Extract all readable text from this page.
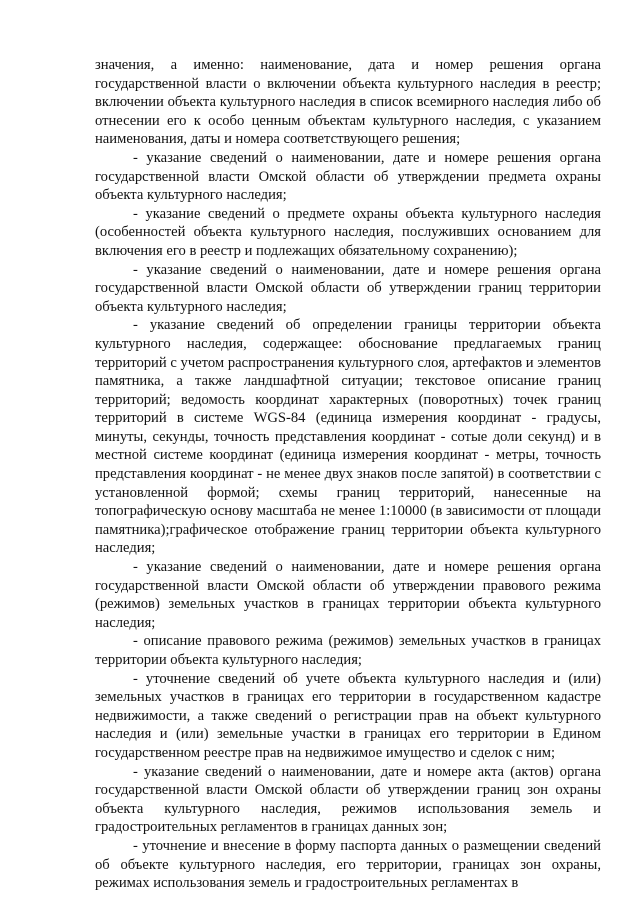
значения, а именно: наименование, дата и номер решения органа государственной власти о включении объекта культурного наследия в реестр; включении объекта культурного наследия в список всемирного наследия либо об отнесении его к особо ценным объектам культурного наследия, с указанием наименования, даты и номера соответствующего решения;

- указание сведений о наименовании, дате и номере решения органа государственной власти Омской области об утверждении предмета охраны объекта культурного наследия;

- указание сведений о предмете охраны объекта культурного наследия (особенностей объекта культурного наследия, послуживших основанием для включения его в реестр и подлежащих обязательному сохранению);

- указание сведений о наименовании, дате и номере решения органа государственной власти Омской области об утверждении границ территории объекта культурного наследия;

- указание сведений об определении границы территории объекта культурного наследия, содержащее: обоснование предлагаемых границ территорий с учетом распространения культурного слоя, артефактов и элементов памятника, а также ландшафтной ситуации; текстовое описание границ территорий; ведомость координат характерных (поворотных) точек границ территорий в системе WGS-84 (единица измерения координат - градусы, минуты, секунды, точность представления координат - сотые доли секунд) и в местной системе координат (единица измерения координат - метры, точность представления координат - не менее двух знаков после запятой) в соответствии с установленной формой; схемы границ территорий, нанесенные на топографическую основу масштаба не менее 1:10000 (в зависимости от площади памятника);графическое отображение границ территории объекта культурного наследия;

- указание сведений о наименовании, дате и номере решения органа государственной власти Омской области об утверждении правового режима (режимов) земельных участков в границах территории объекта культурного наследия;

- описание правового режима (режимов) земельных участков в границах территории объекта культурного наследия;

- уточнение сведений об учете объекта культурного наследия и (или) земельных участков в границах его территории в государственном кадастре недвижимости, а также сведений о регистрации прав на объект культурного наследия и (или) земельные участки в границах его территории в Едином государственном реестре прав на недвижимое имущество и сделок с ним;

- указание сведений о наименовании, дате и номере акта (актов) органа государственной власти Омской области об утверждении границ зон охраны объекта культурного наследия, режимов использования земель и градостроительных регламентов в границах данных зон;

- уточнение и внесение в форму паспорта данных о размещении сведений об объекте культурного наследия, его территории, границах зон охраны, режимах использования земель и градостроительных регламентах в
